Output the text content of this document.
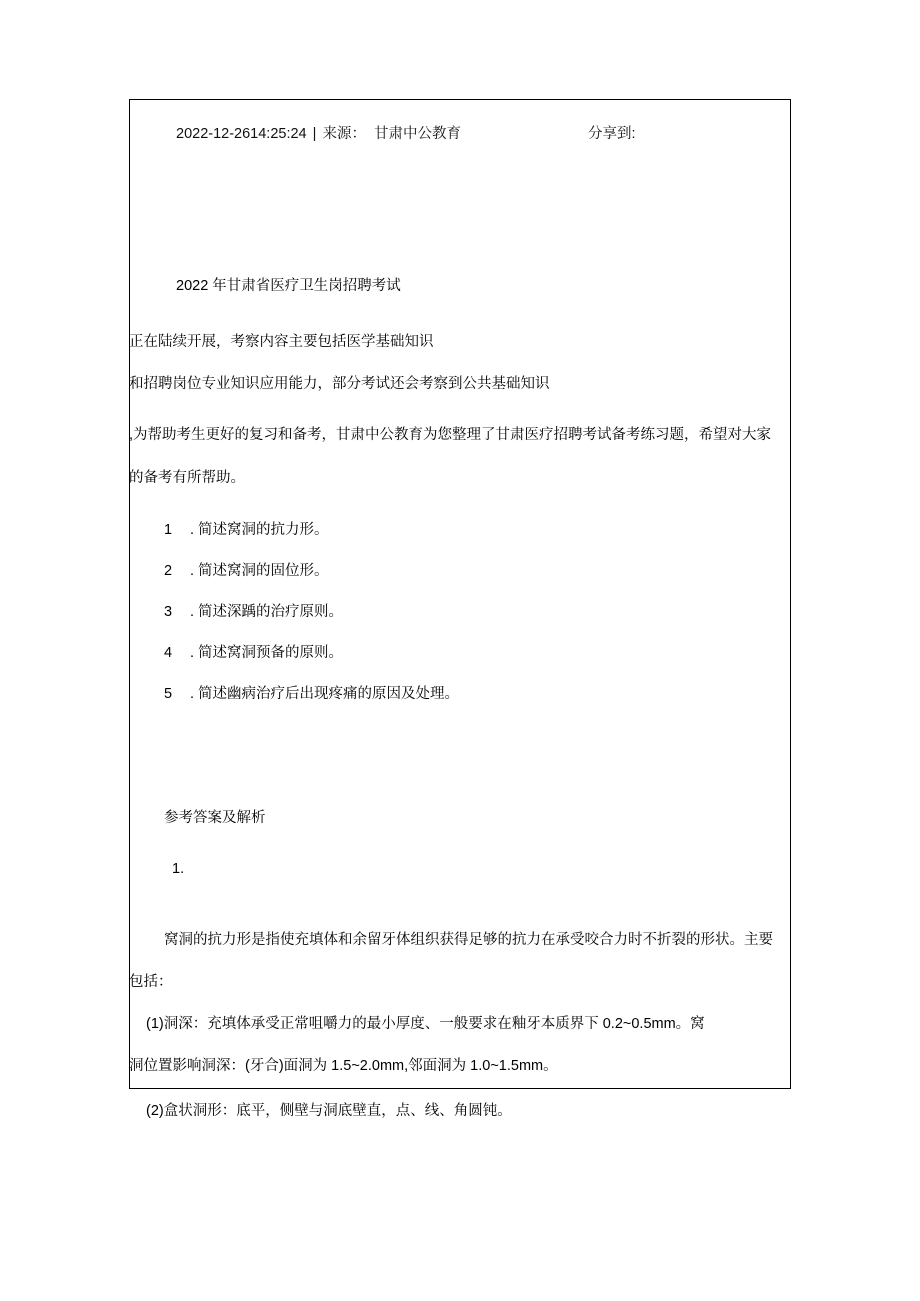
2022-12-2614:25:24 | 来源： 甘肃中公教育	分享到:
2022 年甘肃省医疗卫生岗招聘考试
正在陆续开展，考察内容主要包括医学基础知识
和招聘岗位专业知识应用能力，部分考试还会考察到公共基础知识
,为帮助考生更好的复习和备考，甘肃中公教育为您整理了甘肃医疗招聘考试备考练习题，希望对大家
的备考有所帮助。
1	. 简述窝洞的抗力形。
2	. 简述窝洞的固位形。
3	. 简述深踽的治疗原则。
4	. 简述窝洞预备的原则。
5	. 简述幽病治疗后出现疼痛的原因及处理。
参考答案及解析
1.
窝洞的抗力形是指使充填体和余留牙体组织获得足够的抗力在承受咬合力时不折裂的形状。主要
包括：
(1)洞深：充填体承受正常咀嚼力的最小厚度、一般要求在釉牙本质界下 0.2~0.5mm。窝
洞位置影响洞深：(牙合)面洞为 1.5~2.0mm,邻面洞为 1.0~1.5mm。
(2)盒状洞形：底平，侧壁与洞底壁直，点、线、角圆钝。
